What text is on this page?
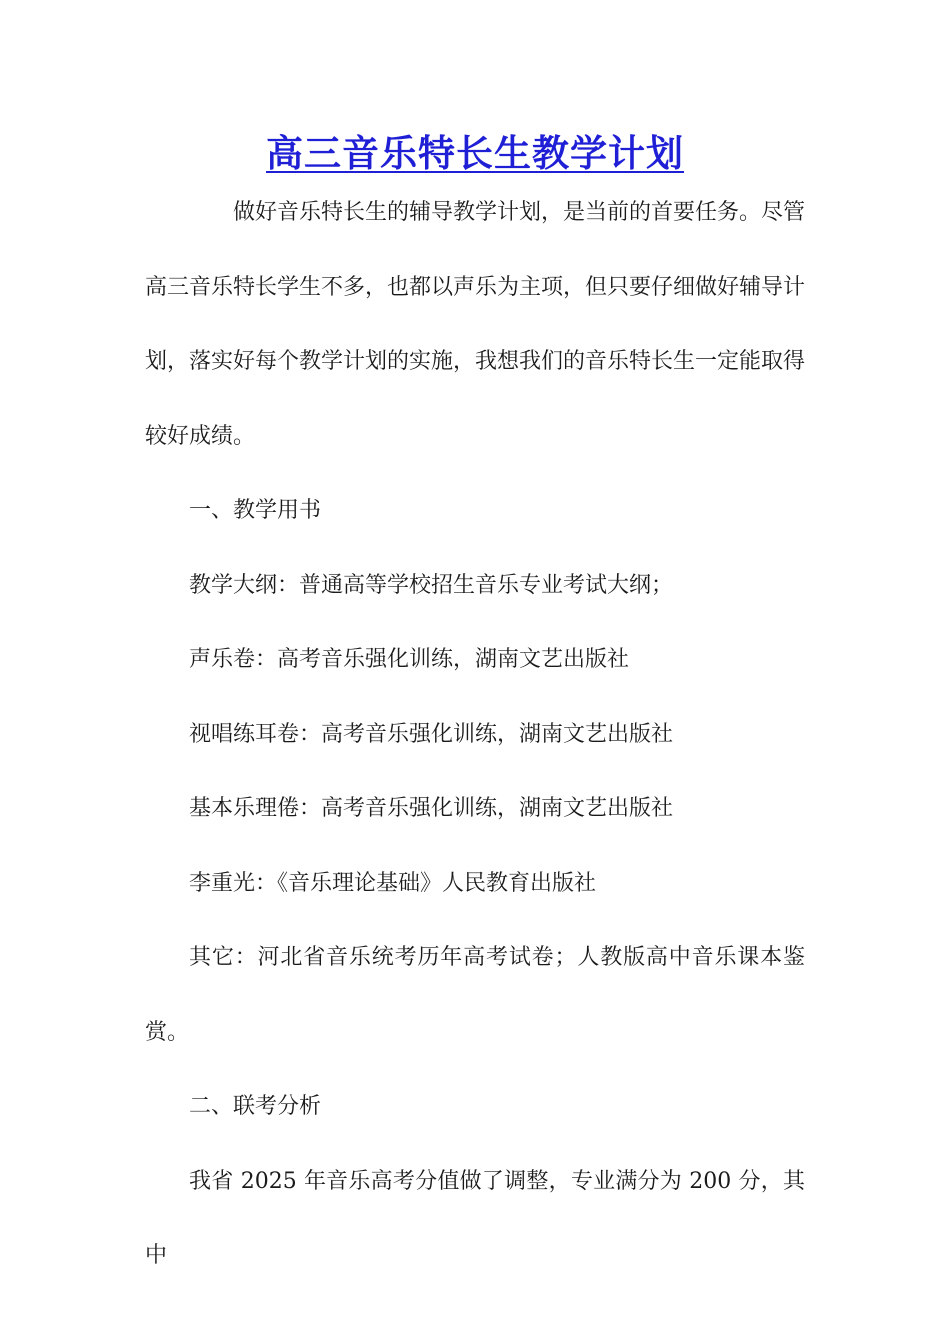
高三音乐特长生教学计划

做好音乐特长生的辅导教学计划，是当前的首要任务。尽管高三音乐特长学生不多，也都以声乐为主项，但只要仔细做好辅导计划，落实好每个教学计划的实施，我想我们的音乐特长生一定能取得较好成绩。

一、教学用书

教学大纲：普通高等学校招生音乐专业考试大纲；

声乐卷：高考音乐强化训练，湖南文艺出版社

视唱练耳卷：高考音乐强化训练，湖南文艺出版社

基本乐理倦：高考音乐强化训练，湖南文艺出版社

李重光：《音乐理论基础》人民教育出版社

其它：河北省音乐统考历年高考试卷；人教版高中音乐课本鉴赏。

二、联考分析

我省 2025 年音乐高考分值做了调整，专业满分为 200 分，其中
